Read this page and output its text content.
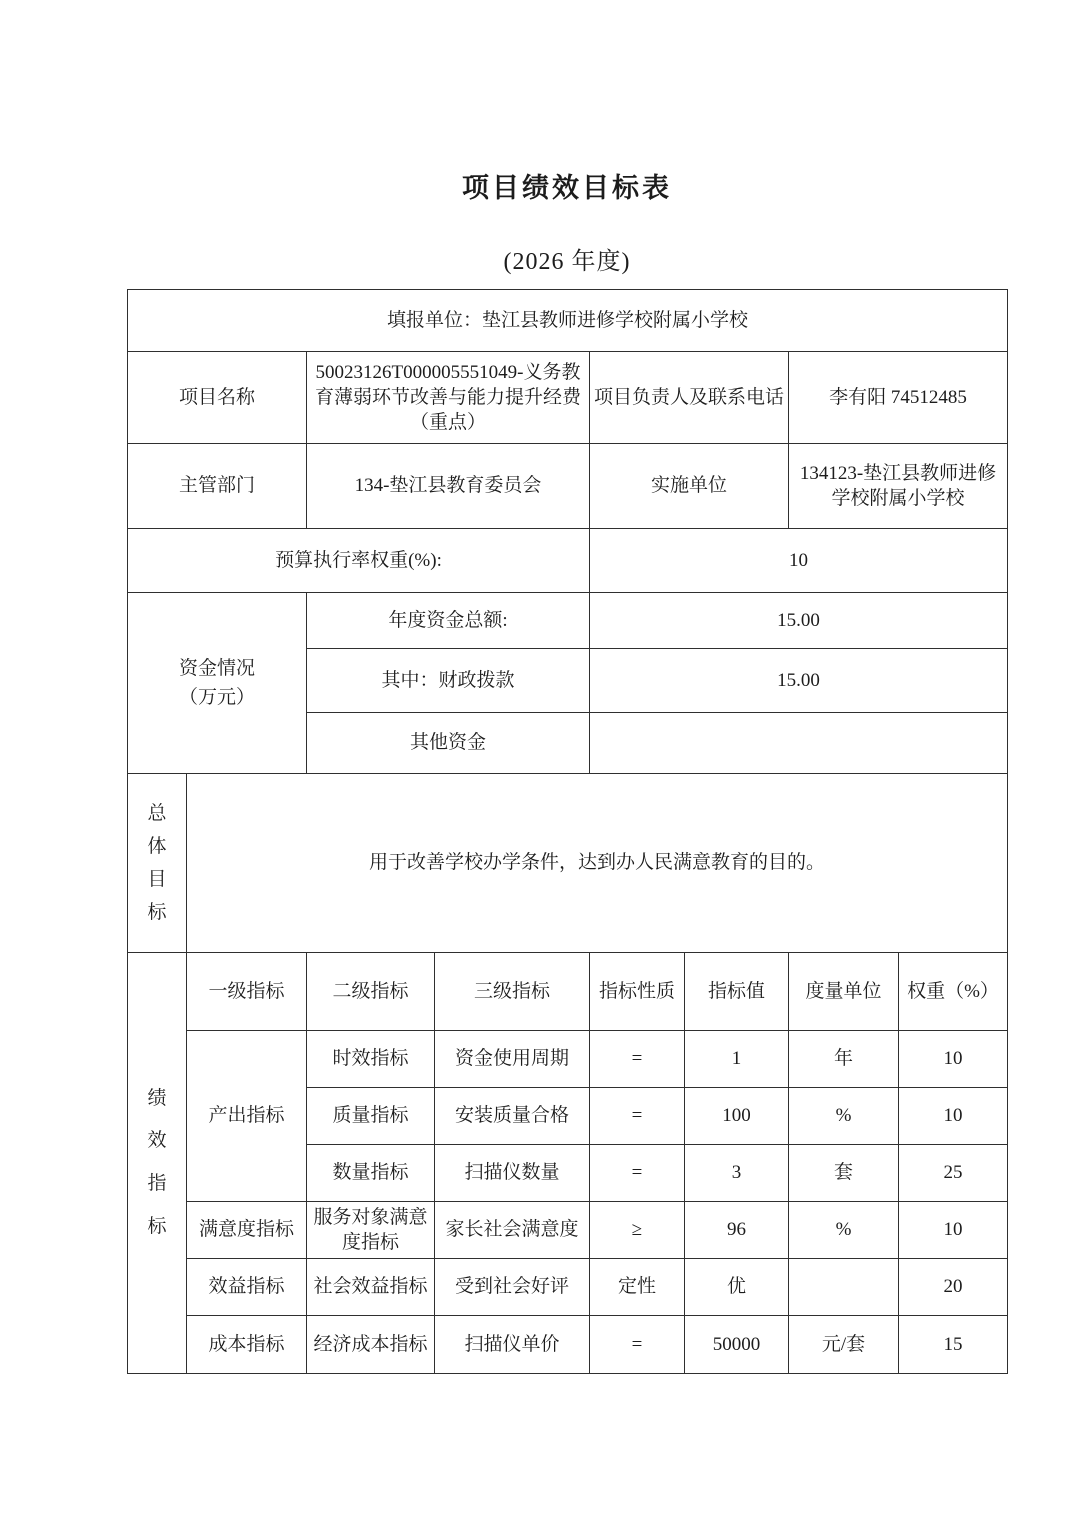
项目绩效目标表
(2026 年度)
填报单位：垫江县教师进修学校附属小学校							
项目名称		50023126T000005551049-义务教育薄弱环节改善与能力提升经费（重点）		项目负责人及联系电话		李有阳 74512485	
主管部门		134-垫江县教育委员会		实施单位		134123-垫江县教师进修学校附属小学校	
预算执行率权重(%):				10			

资金情况
（万元）		年度资金总额:		15.00			
		其中：财政拨款		15.00			
		其他资金					

总体目标	用于改善学校办学条件，达到办人民满意教育的目的。						

绩效指标	一级指标	二级指标	三级指标	指标性质	指标值	度量单位	权重（%）
	产出指标	时效指标	资金使用周期	=	1	年	10
		质量指标	安装质量合格	=	100	%	10
		数量指标	扫描仪数量	=	3	套	25
	满意度指标	服务对象满意度指标	家长社会满意度	≥	96	%	10
	效益指标	社会效益指标	受到社会好评	定性	优		20
	成本指标	经济成本指标	扫描仪单价	=	50000	元/套	15
